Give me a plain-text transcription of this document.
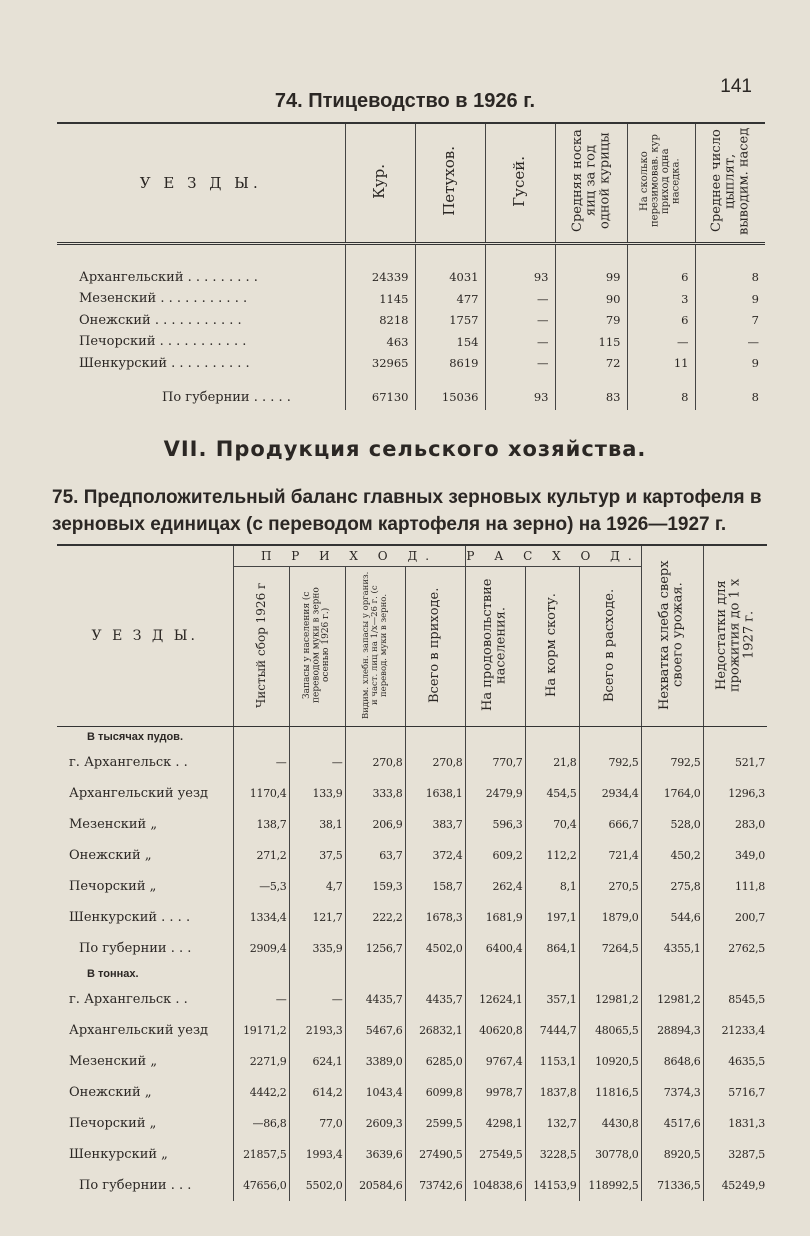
141
74. Птицеводство в 1926 г.
У Е З Д Ы.	Кур.	Петухов.	Гусей.	Средняя носка яиц за год одной курицы	На сколько перезимовав. кур приход одна наседка.	Среднее число цыплят, выводим. насед

Архангельский . . . . . . . . .	24339	4031	93	99	6	8
Мезенский . . . . . . . . . . .	1145	477	—	90	3	9
Онежский . . . . . . . . . . .	8218	1757	—	79	6	7
Печорский . . . . . . . . . . .	463	154	—	115	—	—
Шенкурский . . . . . . . . . .	32965	8619	—	72	11	9
По губернии . . . . .	67130	15036	93	83	8	8
VII. Продукция сельского хозяйства.
75. Предположительный баланс главных зерновых культур и картофеля в зерновых единицах (с переводом картофеля на зерно) на 1926—1927 г.
У Е З Д Ы.	П Р И Х О Д.				Р А С Х О Д.			Нехватка хлеба сверх своего урожая.	Недостатки для прожития до 1 х 1927 г.
	Чистый сбор 1926 г	Запасы у населения (с переводом муки в зерно осенью 1926 г.)	Видим. хлебн. запасы у организ. и част. лиц на 1/х—26 г. (с перевод. муки в зерно.	Всего в приходе.	На продовольствие населения.	На корм скоту.	Всего в расходе.		
В тысячах пудов.									
г. Архангельск . .	—	—	270,8	270,8	770,7	21,8	792,5	792,5	521,7
Архангельский уезд	1170,4	133,9	333,8	1638,1	2479,9	454,5	2934,4	1764,0	1296,3
Мезенский „	138,7	38,1	206,9	383,7	596,3	70,4	666,7	528,0	283,0
Онежский „	271,2	37,5	63,7	372,4	609,2	112,2	721,4	450,2	349,0
Печорский „	—5,3	4,7	159,3	158,7	262,4	8,1	270,5	275,8	111,8
Шенкурский . . . .	1334,4	121,7	222,2	1678,3	1681,9	197,1	1879,0	544,6	200,7
По губернии . . .	2909,4	335,9	1256,7	4502,0	6400,4	864,1	7264,5	4355,1	2762,5
В тоннах.									
г. Архангельск . .	—	—	4435,7	4435,7	12624,1	357,1	12981,2	12981,2	8545,5
Архангельский уезд	19171,2	2193,3	5467,6	26832,1	40620,8	7444,7	48065,5	28894,3	21233,4
Мезенский „	2271,9	624,1	3389,0	6285,0	9767,4	1153,1	10920,5	8648,6	4635,5
Онежский „	4442,2	614,2	1043,4	6099,8	9978,7	1837,8	11816,5	7374,3	5716,7
Печорский „	—86,8	77,0	2609,3	2599,5	4298,1	132,7	4430,8	4517,6	1831,3
Шенкурский „	21857,5	1993,4	3639,6	27490,5	27549,5	3228,5	30778,0	8920,5	3287,5
По губернии . . .	47656,0	5502,0	20584,6	73742,6	104838,6	14153,9	118992,5	71336,5	45249,9
